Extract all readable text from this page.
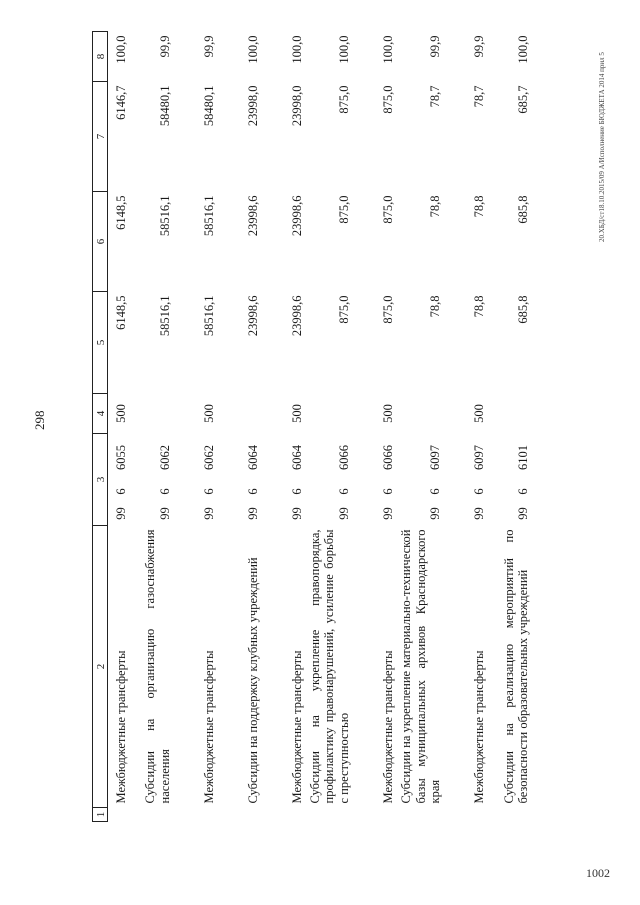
298
20.ХБД/ст18.10.2015/09 А/Исполнение БЮДЖЕТА 2014 прил 5
1002
1	2	3			4	5	6	7	8
	Межбюджетные трансферты	99	6	6055	500	6148,5	6148,5	6146,7	100,0
	Субсидии на организацию газоснабжения населения	99	6	6062		58516,1	58516,1	58480,1	99,9
	Межбюджетные трансферты	99	6	6062	500	58516,1	58516,1	58480,1	99,9
	Субсидии на поддержку клубных учреждений	99	6	6064		23998,6	23998,6	23998,0	100,0
	Межбюджетные трансферты	99	6	6064	500	23998,6	23998,6	23998,0	100,0
	Субсидии на укрепление правопорядка, профилактику правонарушений, усиление борьбы с преступностью	99	6	6066		875,0	875,0	875,0	100,0
	Межбюджетные трансферты	99	6	6066	500	875,0	875,0	875,0	100,0
	Субсидии на укрепление материально-технической базы муниципальных архивов Краснодарского края	99	6	6097		78,8	78,8	78,7	99,9
	Межбюджетные трансферты	99	6	6097	500	78,8	78,8	78,7	99,9
	Субсидии на реализацию мероприятий по безопасности образовательных учреждений	99	6	6101		685,8	685,8	685,7	100,0
